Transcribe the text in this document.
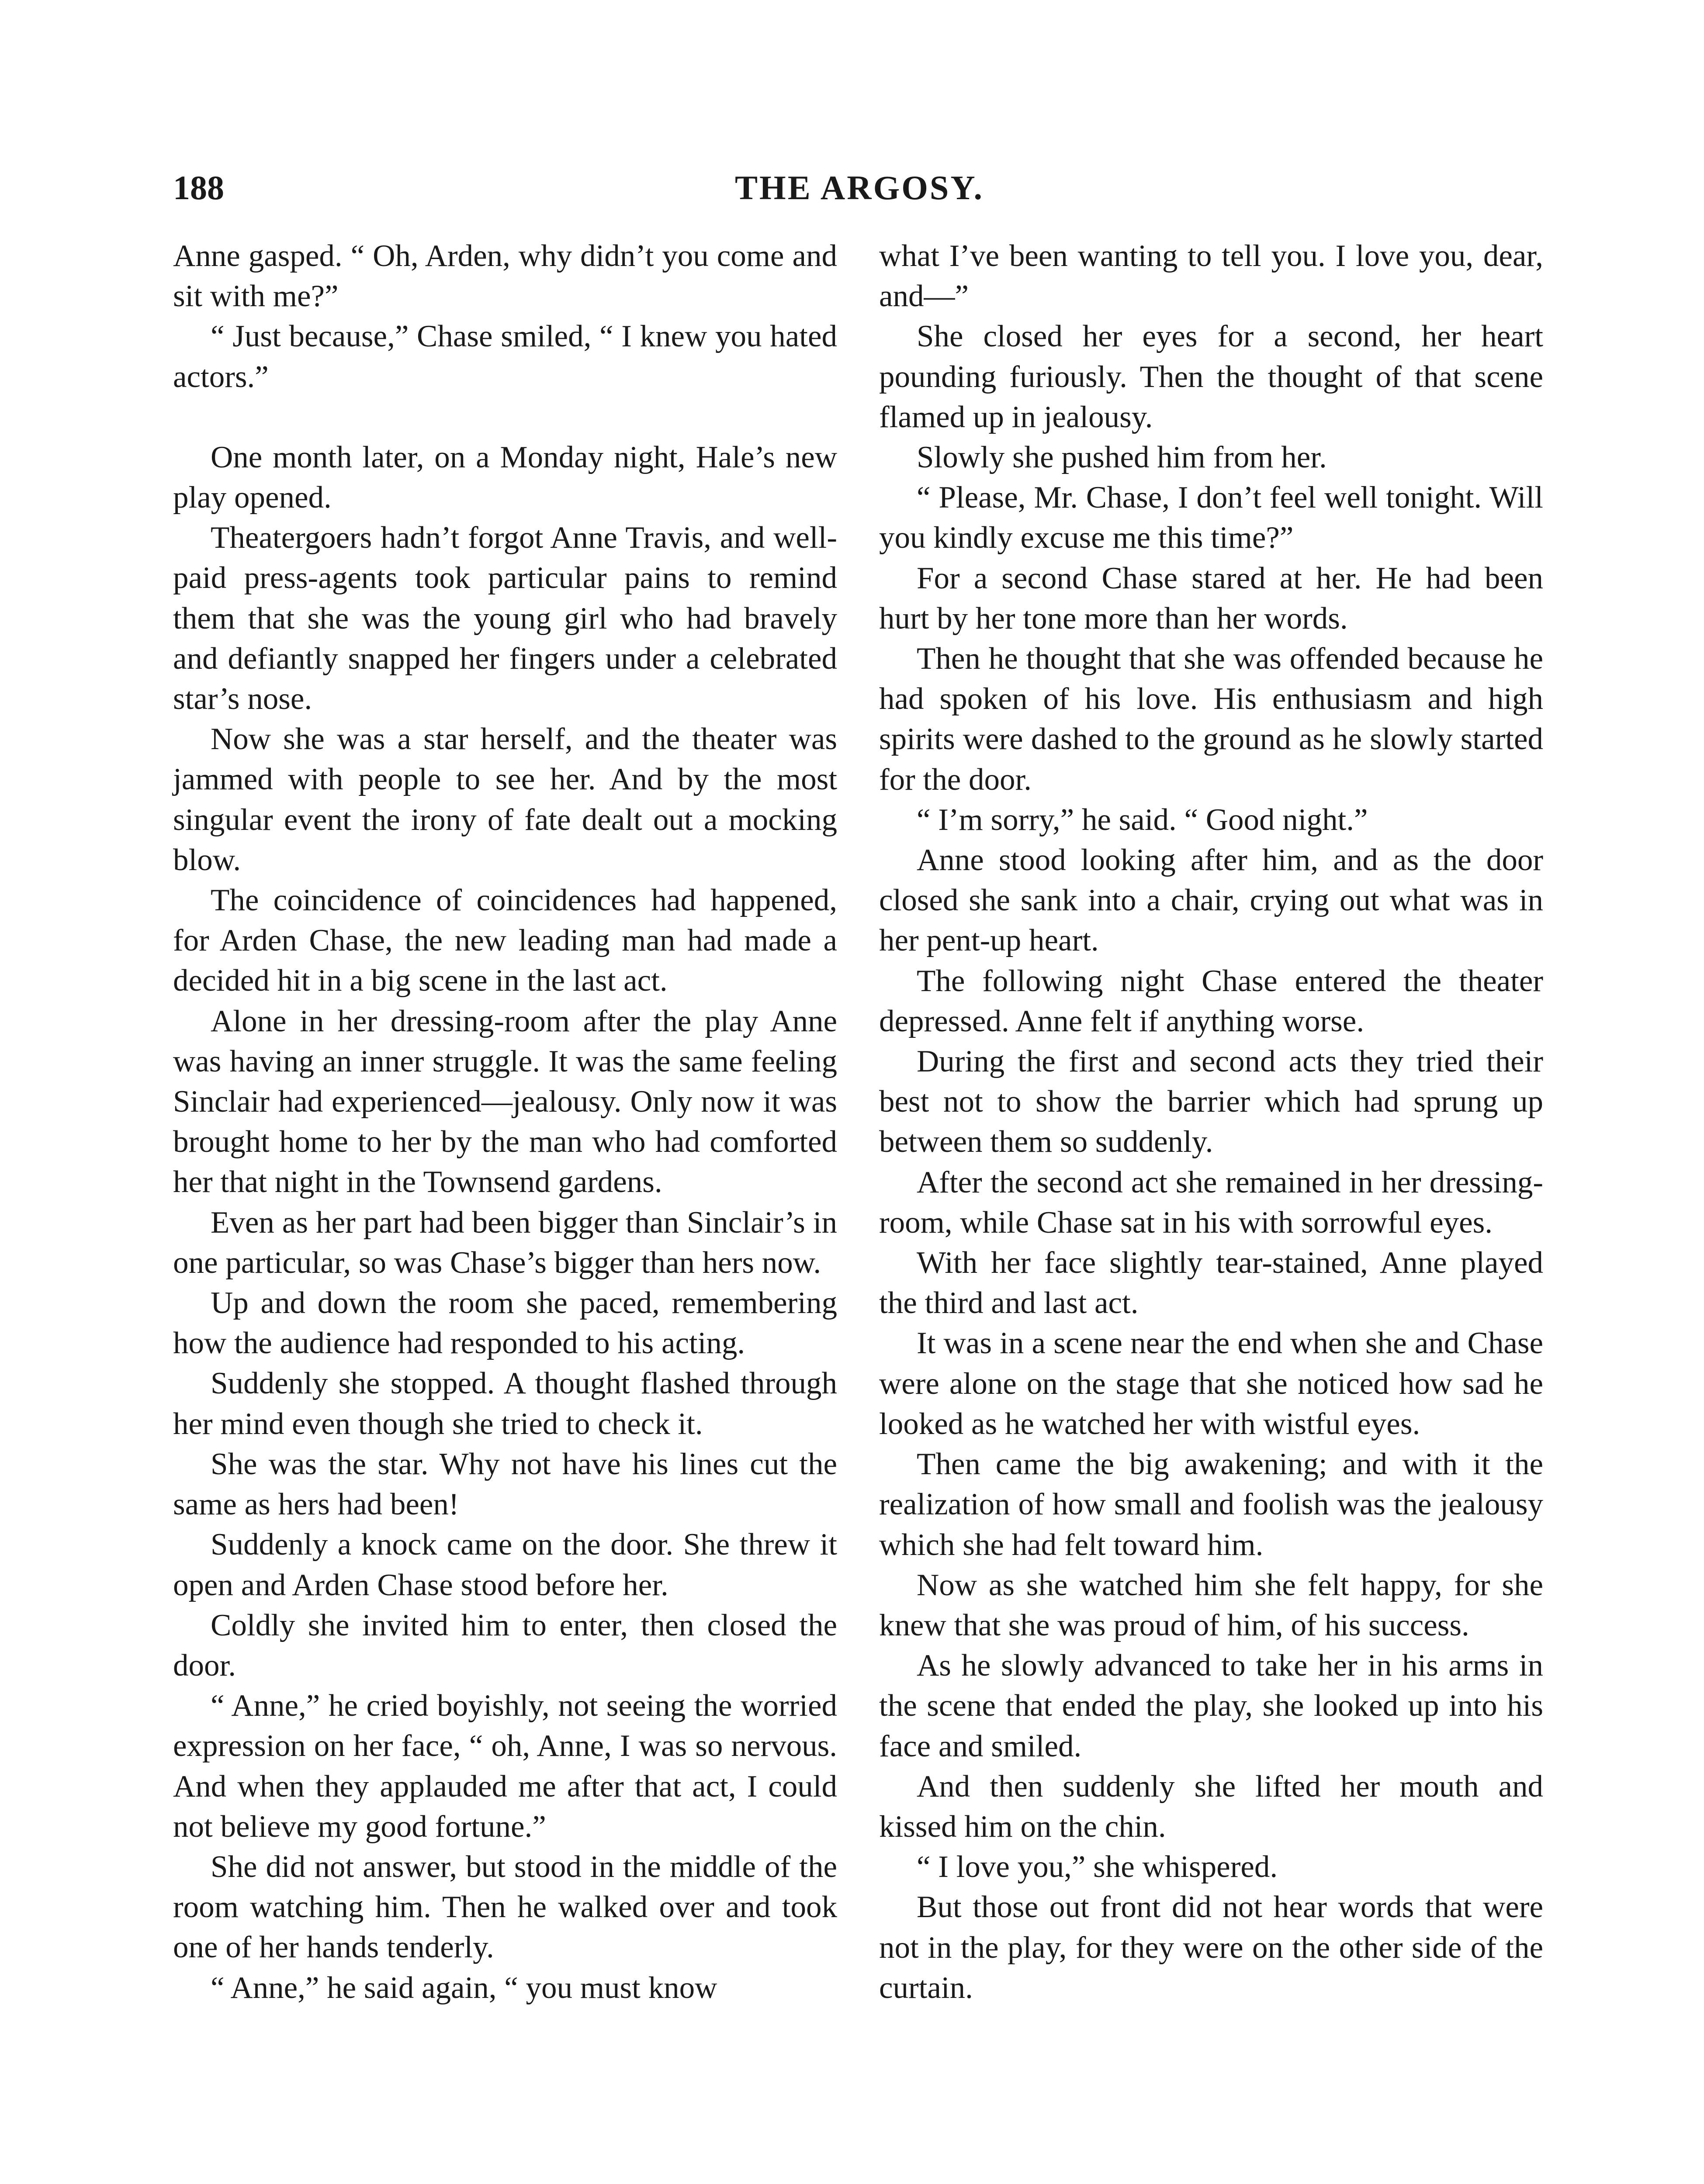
188	THE ARGOSY.

Anne gasped. “ Oh, Arden, why didn’t you come and sit with me?”

“ Just because,” Chase smiled, “ I knew you hated actors.”

One month later, on a Monday night, Hale’s new play opened.

Theatergoers hadn’t forgot Anne Travis, and well-paid press-agents took particular pains to remind them that she was the young girl who had bravely and defiantly snapped her fingers under a celebrated star’s nose.

Now she was a star herself, and the theater was jammed with people to see her. And by the most singular event the irony of fate dealt out a mocking blow.

The coincidence of coincidences had happened, for Arden Chase, the new leading man had made a decided hit in a big scene in the last act.

Alone in her dressing-room after the play Anne was having an inner struggle. It was the same feeling Sinclair had experienced—jealousy. Only now it was brought home to her by the man who had comforted her that night in the Townsend gardens.

Even as her part had been bigger than Sinclair’s in one particular, so was Chase’s bigger than hers now.

Up and down the room she paced, remembering how the audience had responded to his acting.

Suddenly she stopped. A thought flashed through her mind even though she tried to check it.

She was the star. Why not have his lines cut the same as hers had been!

Suddenly a knock came on the door. She threw it open and Arden Chase stood before her.

Coldly she invited him to enter, then closed the door.

“ Anne,” he cried boyishly, not seeing the worried expression on her face, “ oh, Anne, I was so nervous. And when they applauded me after that act, I could not believe my good fortune.”

She did not answer, but stood in the middle of the room watching him. Then he walked over and took one of her hands tenderly.

“ Anne,” he said again, “ you must know

what I’ve been wanting to tell you. I love you, dear, and—”

She closed her eyes for a second, her heart pounding furiously. Then the thought of that scene flamed up in jealousy.

Slowly she pushed him from her.

“ Please, Mr. Chase, I don’t feel well tonight. Will you kindly excuse me this time?”

For a second Chase stared at her. He had been hurt by her tone more than her words.

Then he thought that she was offended because he had spoken of his love. His enthusiasm and high spirits were dashed to the ground as he slowly started for the door.

“ I’m sorry,” he said. “ Good night.”

Anne stood looking after him, and as the door closed she sank into a chair, crying out what was in her pent-up heart.

The following night Chase entered the theater depressed. Anne felt if anything worse.

During the first and second acts they tried their best not to show the barrier which had sprung up between them so suddenly.

After the second act she remained in her dressing-room, while Chase sat in his with sorrowful eyes.

With her face slightly tear-stained, Anne played the third and last act.

It was in a scene near the end when she and Chase were alone on the stage that she noticed how sad he looked as he watched her with wistful eyes.

Then came the big awakening; and with it the realization of how small and foolish was the jealousy which she had felt toward him.

Now as she watched him she felt happy, for she knew that she was proud of him, of his success.

As he slowly advanced to take her in his arms in the scene that ended the play, she looked up into his face and smiled.

And then suddenly she lifted her mouth and kissed him on the chin.

“ I love you,” she whispered.

But those out front did not hear words that were not in the play, for they were on the other side of the curtain.
